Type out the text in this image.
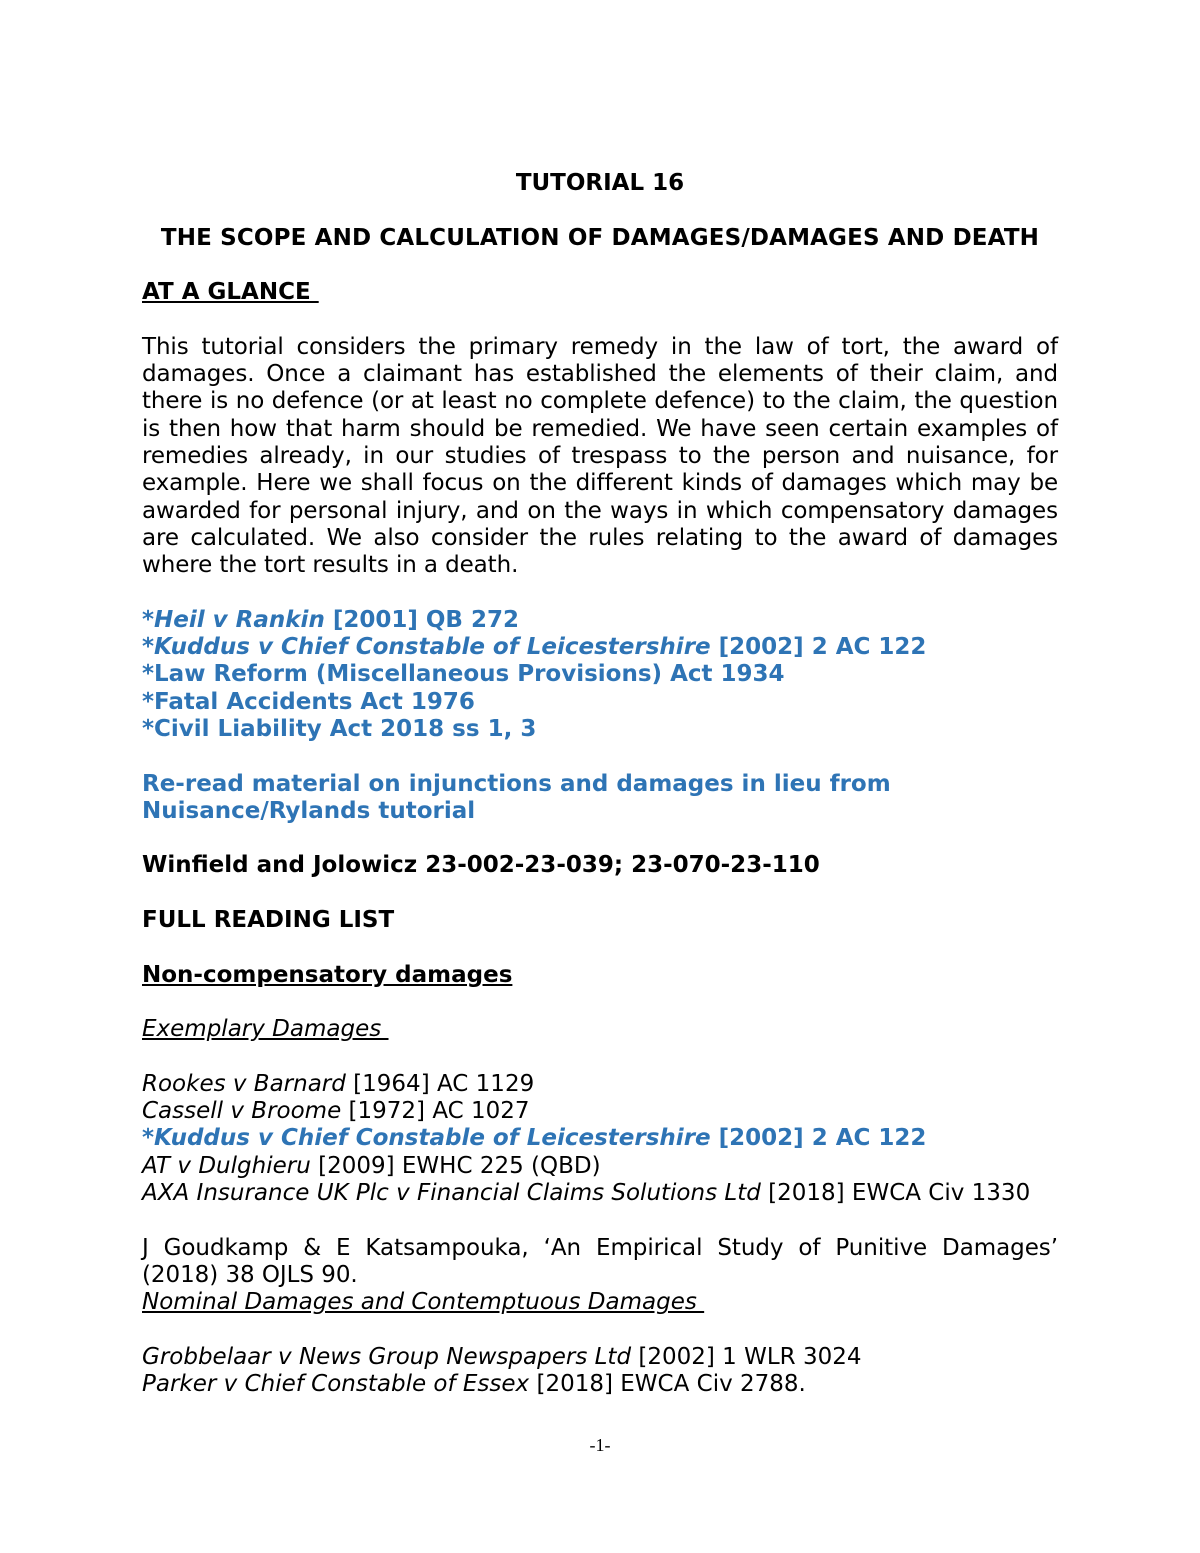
TUTORIAL 16

THE SCOPE AND CALCULATION OF DAMAGES/DAMAGES AND DEATH

AT A GLANCE

This tutorial considers the primary remedy in the law of tort, the award of damages. Once a claimant has established the elements of their claim, and there is no defence (or at least no complete defence) to the claim, the question is then how that harm should be remedied. We have seen certain examples of remedies already, in our studies of trespass to the person and nuisance, for example. Here we shall focus on the different kinds of damages which may be awarded for personal injury, and on the ways in which compensatory damages are calculated. We also consider the rules relating to the award of damages where the tort results in a death.

*Heil v Rankin [2001] QB 272

*Kuddus v Chief Constable of Leicestershire [2002] 2 AC 122

*Law Reform (Miscellaneous Provisions) Act 1934

*Fatal Accidents Act 1976

*Civil Liability Act 2018 ss 1, 3

Re-read material on injunctions and damages in lieu from

Nuisance/Rylands tutorial

Winfield and Jolowicz 23-002-23-039; 23-070-23-110

FULL READING LIST

Non-compensatory damages

Exemplary Damages

Rookes v Barnard [1964] AC 1129

Cassell v Broome [1972] AC 1027

*Kuddus v Chief Constable of Leicestershire [2002] 2 AC 122

AT v Dulghieru [2009] EWHC 225 (QBD)

AXA Insurance UK Plc v Financial Claims Solutions Ltd [2018] EWCA Civ 1330

J Goudkamp & E Katsampouka, ‘An Empirical Study of Punitive Damages’ (2018) 38 OJLS 90.

Nominal Damages and Contemptuous Damages

Grobbelaar v News Group Newspapers Ltd [2002] 1 WLR 3024

Parker v Chief Constable of Essex [2018] EWCA Civ 2788.

-1-
